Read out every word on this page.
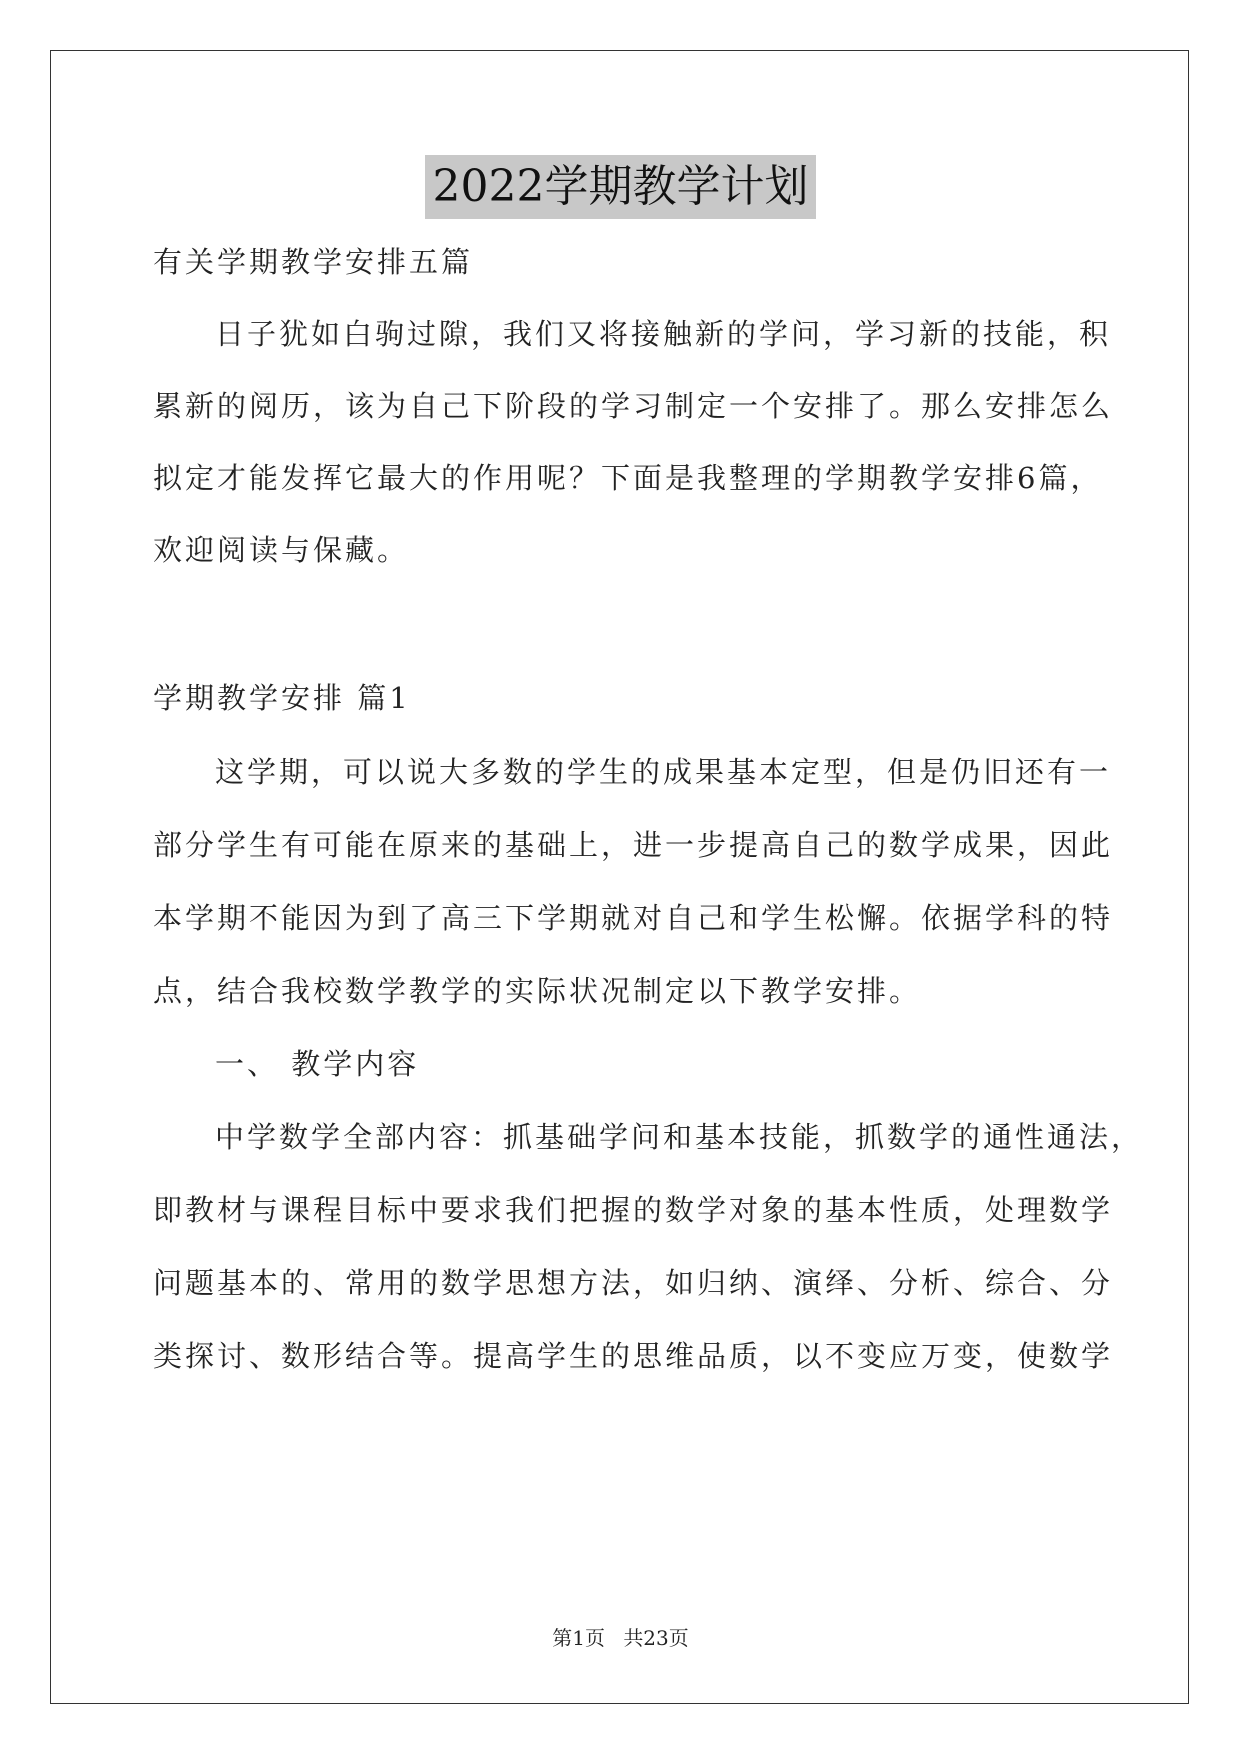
2022学期教学计划
有关学期教学安排五篇
日子犹如白驹过隙，我们又将接触新的学问，学习新的技能，积
累新的阅历，该为自己下阶段的学习制定一个安排了。那么安排怎么
拟定才能发挥它最大的作用呢？下面是我整理的学期教学安排6篇，
欢迎阅读与保藏。
学期教学安排 篇1
这学期，可以说大多数的学生的成果基本定型，但是仍旧还有一
部分学生有可能在原来的基础上，进一步提高自己的数学成果，因此
本学期不能因为到了高三下学期就对自己和学生松懈。依据学科的特
点，结合我校数学教学的实际状况制定以下教学安排。
一、 教学内容
中学数学全部内容：抓基础学问和基本技能，抓数学的通性通法，
即教材与课程目标中要求我们把握的数学对象的基本性质，处理数学
问题基本的、常用的数学思想方法，如归纳、演绎、分析、综合、分
类探讨、数形结合等。提高学生的思维品质，以不变应万变，使数学
第1页 共23页
